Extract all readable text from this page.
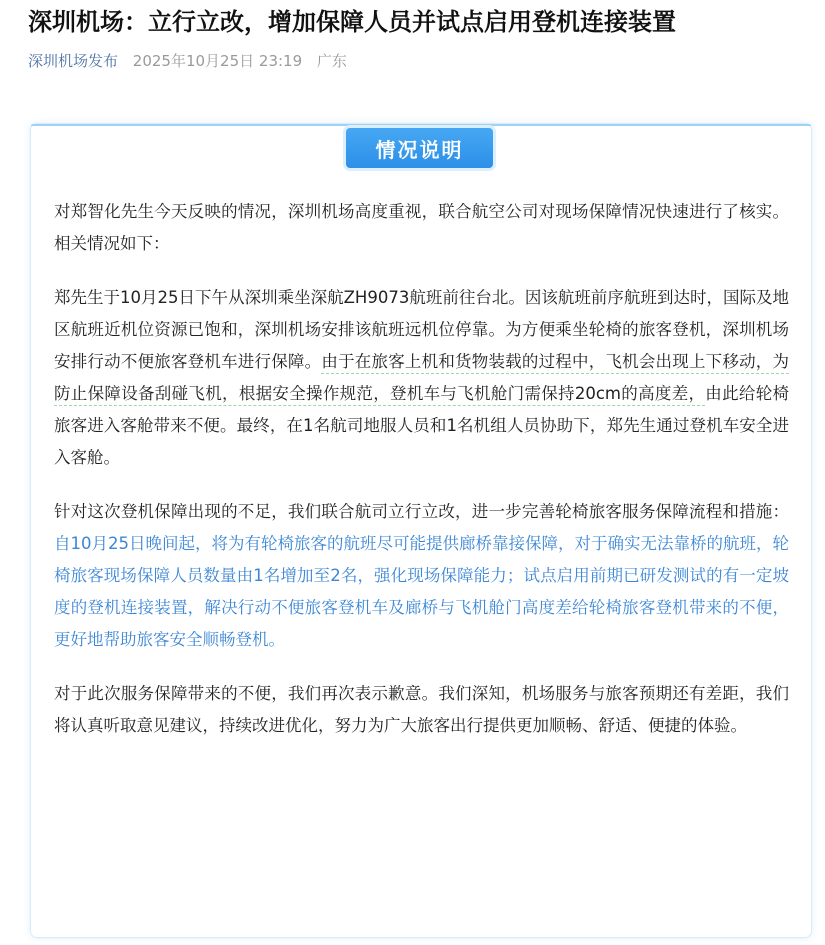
深圳机场：立行立改，增加保障人员并试点启用登机连接装置
深圳机场发布 2025年10月25日 23:19 广东
情况说明

对郑智化先生今天反映的情况，深圳机场高度重视，联合航空公司对现场保障情况快速进行了核实。相关情况如下：

郑先生于10月25日下午从深圳乘坐深航ZH9073航班前往台北。因该航班前序航班到达时，国际及地区航班近机位资源已饱和，深圳机场安排该航班远机位停靠。为方便乘坐轮椅的旅客登机，深圳机场安排行动不便旅客登机车进行保障。由于在旅客上机和货物装载的过程中，飞机会出现上下移动，为防止保障设备刮碰飞机，根据安全操作规范，登机车与飞机舱门需保持20cm的高度差，由此给轮椅旅客进入客舱带来不便。最终，在1名航司地服人员和1名机组人员协助下，郑先生通过登机车安全进入客舱。

针对这次登机保障出现的不足，我们联合航司立行立改，进一步完善轮椅旅客服务保障流程和措施：自10月25日晚间起，将为有轮椅旅客的航班尽可能提供廊桥靠接保障，对于确实无法靠桥的航班，轮椅旅客现场保障人员数量由1名增加至2名，强化现场保障能力；试点启用前期已研发测试的有一定坡度的登机连接装置，解决行动不便旅客登机车及廊桥与飞机舱门高度差给轮椅旅客登机带来的不便，更好地帮助旅客安全顺畅登机。

对于此次服务保障带来的不便，我们再次表示歉意。我们深知，机场服务与旅客预期还有差距，我们将认真听取意见建议，持续改进优化，努力为广大旅客出行提供更加顺畅、舒适、便捷的体验。
